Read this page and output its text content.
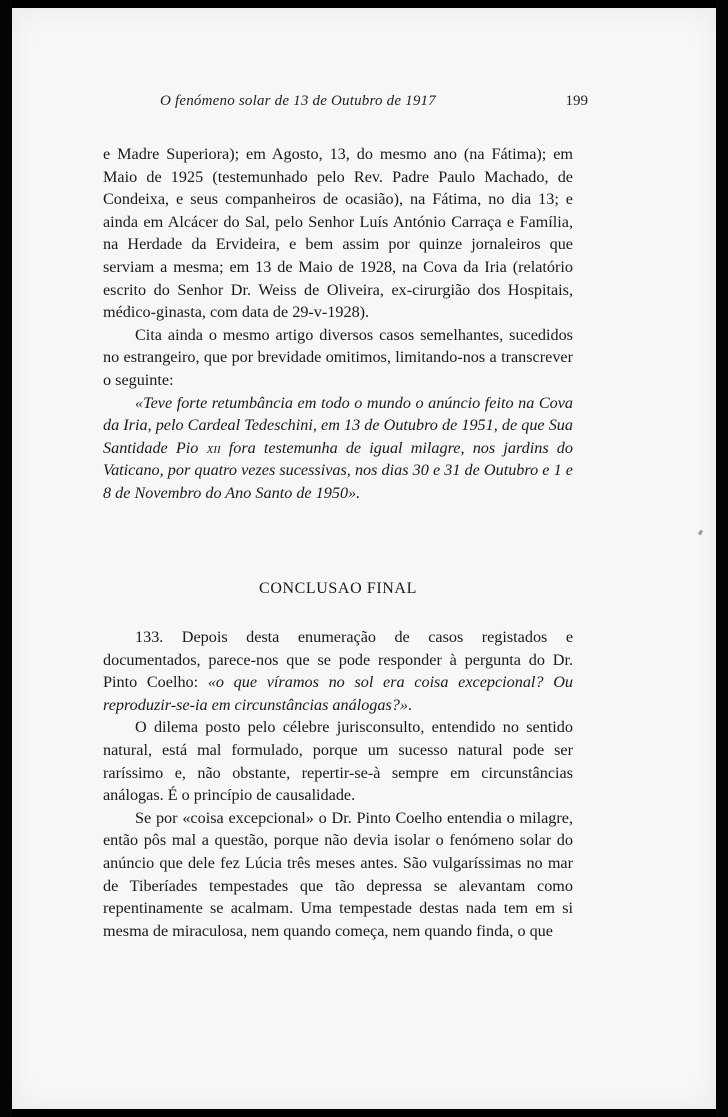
O fenómeno solar de 13 de Outubro de 1917	199

e Madre Superiora); em Agosto, 13, do mesmo ano (na Fátima); em Maio de 1925 (testemunhado pelo Rev. Padre Paulo Machado, de Condeixa, e seus companheiros de ocasião), na Fátima, no dia 13; e ainda em Alcácer do Sal, pelo Senhor Luís António Carraça e Família, na Herdade da Ervideira, e bem assim por quinze jornaleiros que serviam a mesma; em 13 de Maio de 1928, na Cova da Iria (relatório escrito do Senhor Dr. Weiss de Oliveira, ex-cirurgião dos Hospitais, médico-ginasta, com data de 29-v-1928).

Cita ainda o mesmo artigo diversos casos semelhantes, sucedidos no estrangeiro, que por brevidade omitimos, limitando-nos a transcrever o seguinte:

«Teve forte retumbância em todo o mundo o anúncio feito na Cova da Iria, pelo Cardeal Tedeschini, em 13 de Outubro de 1951, de que Sua Santidade Pio xii fora testemunha de igual milagre, nos jardins do Vaticano, por quatro vezes sucessivas, nos dias 30 e 31 de Outubro e 1 e 8 de Novembro do Ano Santo de 1950».

CONCLUSAO FINAL

133. Depois desta enumeração de casos registados e documentados, parece-nos que se pode responder à pergunta do Dr. Pinto Coelho: «o que víramos no sol era coisa excepcional? Ou reproduzir-se-ia em circunstâncias análogas?».

O dilema posto pelo célebre jurisconsulto, entendido no sentido natural, está mal formulado, porque um sucesso natural pode ser raríssimo e, não obstante, repertir-se-à sempre em circunstâncias análogas. É o princípio de causalidade.

Se por «coisa excepcional» o Dr. Pinto Coelho entendia o milagre, então pôs mal a questão, porque não devia isolar o fenómeno solar do anúncio que dele fez Lúcia três meses antes. São vulgaríssimas no mar de Tiberíades tempestades que tão depressa se alevantam como repentinamente se acalmam. Uma tempestade destas nada tem em si mesma de miraculosa, nem quando começa, nem quando finda, o que
